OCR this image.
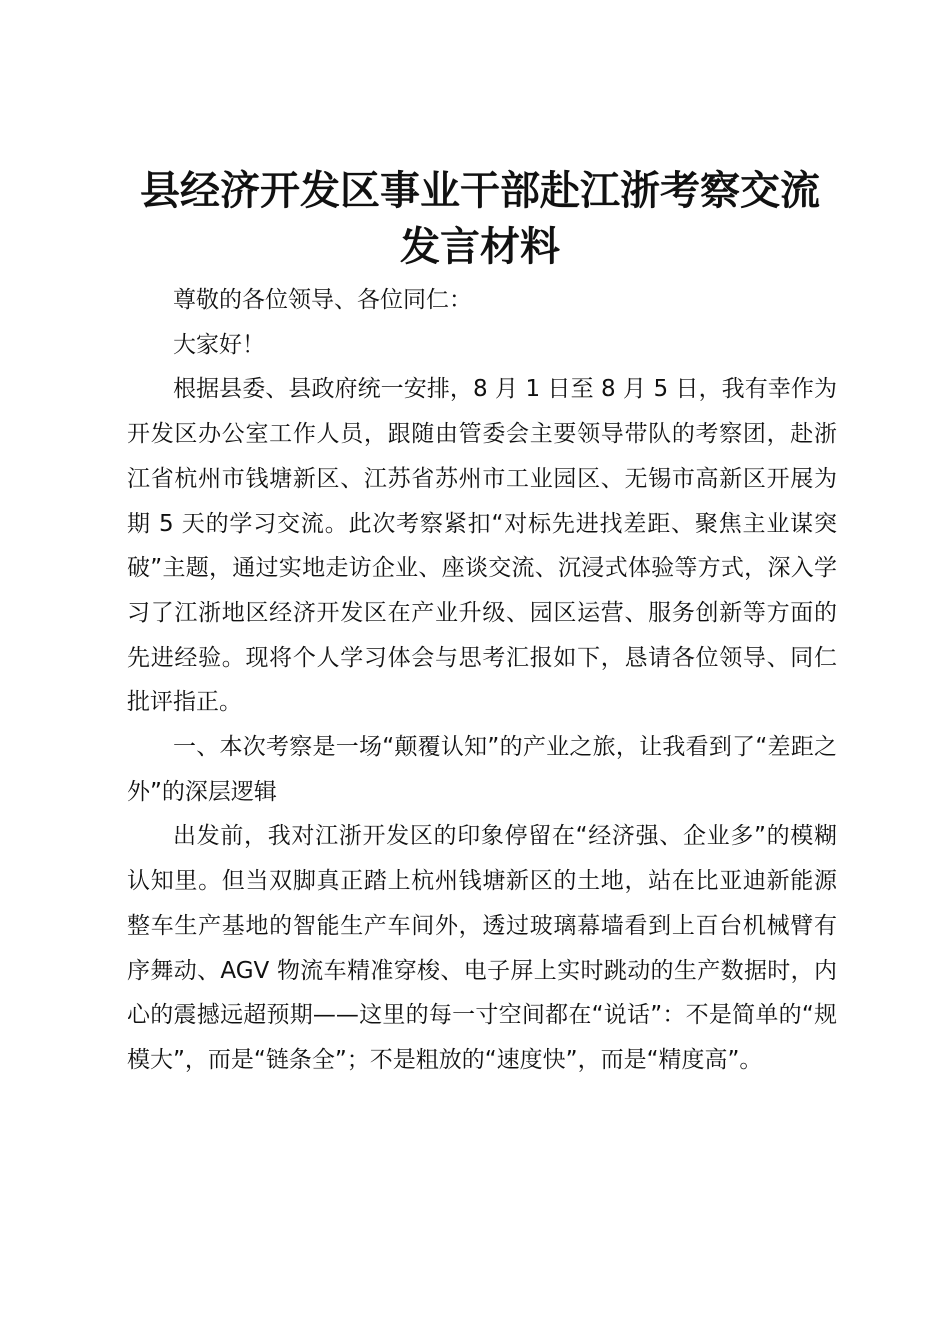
县经济开发区事业干部赴江浙考察交流
发言材料

尊敬的各位领导、各位同仁：

大家好！

根据县委、县政府统一安排，8 月 1 日至 8 月 5 日，我有幸作为开发区办公室工作人员，跟随由管委会主要领导带队的考察团，赴浙江省杭州市钱塘新区、江苏省苏州市工业园区、无锡市高新区开展为期 5 天的学习交流。此次考察紧扣“对标先进找差距、聚焦主业谋突破”主题，通过实地走访企业、座谈交流、沉浸式体验等方式，深入学习了江浙地区经济开发区在产业升级、园区运营、服务创新等方面的先进经验。现将个人学习体会与思考汇报如下，恳请各位领导、同仁批评指正。

一、本次考察是一场“颠覆认知”的产业之旅，让我看到了“差距之外”的深层逻辑

出发前，我对江浙开发区的印象停留在“经济强、企业多”的模糊认知里。但当双脚真正踏上杭州钱塘新区的土地，站在比亚迪新能源整车生产基地的智能生产车间外，透过玻璃幕墙看到上百台机械臂有序舞动、AGV 物流车精准穿梭、电子屏上实时跳动的生产数据时，内心的震撼远超预期——这里的每一寸空间都在“说话”：不是简单的“规模大”，而是“链条全”；不是粗放的“速度快”，而是“精度高”。
